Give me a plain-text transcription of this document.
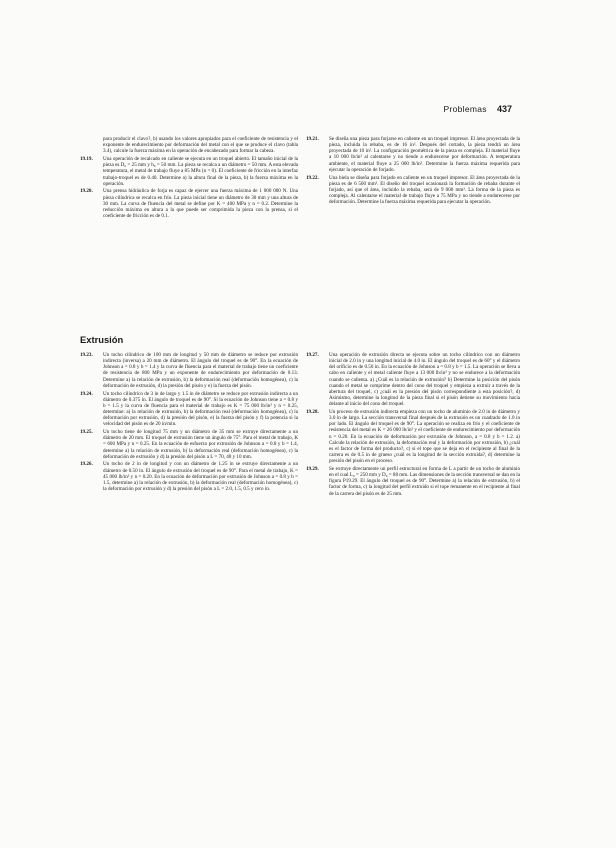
Problemas 437

para producir el clavo?, b) usando los valores apropiados para el coeficiente de resistencia y el exponente de endurecimiento por deformación del metal con el que se produce el clavo (tabla 3.4), calcule la fuerza máxima en la operación de encabezado para formar la cabeza.

19.19. Una operación de recalcado en caliente se ejecuta en un troquel abierto. El tamaño inicial de la pieza es D₀ = 25 mm y h₀ = 50 mm. La pieza se recalca a un diámetro = 50 mm. A esta elevada temperatura, el metal de trabajo fluye a 85 MPa (n = 0). El coeficiente de fricción en la interfaz trabajo-troquel es de 0.40. Determine a) la altura final de la pieza, b) la fuerza máxima en la operación.
19.20. Una prensa hidráulica de forja es capaz de ejercer una fuerza máxima de 1 000 000 N. Una pieza cilíndrica se recalca en frío. La pieza inicial tiene un diámetro de 30 mm y una altura de 30 mm. La curva de fluencia del metal se define por K = 400 MPa y n = 0.2. Determine la reducción máxima en altura a la que puede ser comprimida la pieza con la prensa, si el coeficiente de fricción es de 0.1.
19.21. Se diseña una pieza para forjarse en caliente en un troquel impresor. El área proyectada de la pieza, incluida la rebaba, es de 16 in². Después del cortado, la pieza tendrá un área proyectada de 10 in². La configuración geométrica de la pieza es compleja. El material fluye a 10 000 lb/in² al calentarse y no tiende a endurecerse por deformación. A temperatura ambiente, el material fluye a 25 000 lb/in². Determine la fuerza máxima requerida para ejecutar la operación de forjado.
19.22. Una biela se diseña para forjado en caliente en un troquel impresor. El área proyectada de la pieza es de 6 500 mm². El diseño del troquel ocasionará la formación de rebaba durante el forjado, así que el área, incluido la rebaba, será de 9 000 mm². La forma de la pieza es compleja. Al calentarse el material de trabajo fluye a 75 MPa y no tiende a endurecerse por deformación. Determine la fuerza máxima requerida para ejecutar la operación.
Extrusión
19.23. Un tocho cilíndrico de 100 mm de longitud y 50 mm de diámetro se reduce por extrusión indirecta (inversa) a 20 mm de diámetro. El ángulo del troquel es de 90°. En la ecuación de Johnson a = 0.8 y b = 1.4 y la curva de fluencia para el material de trabajo tiene un coeficiente de resistencia de 800 MPa y un exponente de endurecimiento por deformación de 0.13. Determine a) la relación de extrusión, b) la deformación real (deformación homogénea), c) la deformación de extrusión, d) la presión del pisón y e) la fuerza del pisón.
19.24. Un tocho cilíndrico de 3 in de largo y 1.5 in de diámetro se reduce por extrusión indirecta a un diámetro de 0.375 in. El ángulo de troquel es de 90°. Si la ecuación de Johnson tiene a = 0.8 y b = 1.5 y la curva de fluencia para el material de trabajo es K = 75 000 lb/in² y n = 0.25, determine: a) la relación de extrusión, b) la deformación real (deformación homogénea), c) la deformación por extrusión, d) la presión del pisón, e) la fuerza del pisón y f) la potencia si la velocidad del pisón es de 20 in/min.
19.25. Un tocho tiene de longitud 75 mm y un diámetro de 35 mm se extruye directamente a un diámetro de 20 mm. El troquel de extrusión tiene un ángulo de 75°. Para el metal de trabajo, K = 600 MPa y n = 0.25. En la ecuación de esfuerzo por extrusión de Johnson a = 0.8 y b = 1.4, determine a) la relación de extrusión, b) la deformación real (deformación homogénea), c) la deformación de extrusión y d) la presión del pisón a L = 70, 40 y 10 mm.
19.26. Un tocho de 2 in de longitud y con un diámetro de 1.25 in se extruye directamente a un diámetro de 0.50 in. El ángulo de extrusión del troquel es de 90°. Para el metal de trabajo, K = 45 000 lb/in² y n = 0.20. En la ecuación de deformación por extrusión de Johnson a = 0.8 y b = 1.5, determine a) la relación de extrusión, b) la deformación real (deformación homogénea), c) la deformación por extrusión y d) la presión del pisón a L = 2.0, 1.5, 0.5 y cero in.
19.27. Una operación de extrusión directa se ejecuta sobre un tocho cilíndrico con un diámetro inicial de 2.0 in y una longitud inicial de 4.0 in. El ángulo del troquel es de 60° y el diámetro del orificio es de 0.50 in. En la ecuación de Johnson a = 0.8 y b = 1.5. La operación se lleva a cabo en caliente y el metal caliente fluye a 13 000 lb/in² y no se endurece a la deformación cuando se calienta. a) ¿Cuál es la relación de extrusión? b) Determine la posición del pisón cuando el metal se comprime dentro del cono del troquel y empieza a extruir a través de la abertura del troquel, c) ¿cuál es la presión del pisón correspondiente a esta posición?, d) Asimismo, determine la longitud de la pieza final si el pisón detiene su movimiento hacia delante al inicio del cono del troquel.
19.28. Un proceso de extrusión indirecta empieza con un tocho de aluminio de 2.0 in de diámetro y 3.0 in de largo. La sección transversal final después de la extrusión es un cuadrado de 1.0 in por lado. El ángulo del troquel es de 90°. La operación se realiza en frío y el coeficiente de resistencia del metal es K = 26 000 lb/in² y el coeficiente de endurecimiento por deformación n = 0.20. En la ecuación de deformación por extrusión de Johnson, a = 0.8 y b = 1.2. a) Calcule la relación de extrusión, la deformación real y la deformación por extrusión, b) ¿cuál es el factor de forma del producto?, c) si el tope que se deja en el recipiente al final de la carrera es de 0.5 in de grueso ¿cuál es la longitud de la sección extruida?, d) determine la presión del pisón en el proceso.
19.29. Se extruye directamente un perfil estructural en forma de L a partir de un tocho de aluminio en el cual L₀ = 250 mm y D₀ = 88 mm. Las dimensiones de la sección transversal se dan en la figura P19.29. El ángulo del troquel es de 90°. Determine a) la relación de extrusión, b) el factor de forma, c) la longitud del perfil extruido si el tope remanente en el recipiente al final de la carrera del pisón es de 25 mm.
